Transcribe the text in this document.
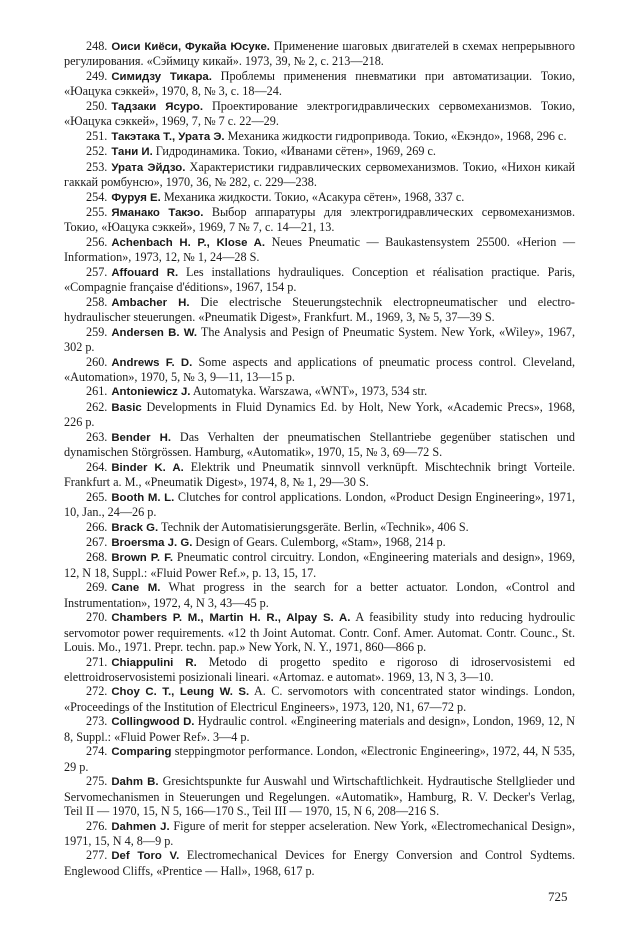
248. Оиси Киёси, Фукайа Юсуке. Применение шаговых двигателей в схемах непрерывного регулирования. «Сэймицу кикай». 1973, 39, № 2, с. 213—218.
249. Симидзу Тикара. Проблемы применения пневматики при автоматизации. Токио, «Юацука сэккей», 1970, 8, № 3, с. 18—24.
250. Тадзаки Ясуро. Проектирование электрогидравлических сервомеханизмов. Токио, «Юацука сэккей», 1969, 7, № 7 с. 22—29.
251. Такэтака Т., Урата Э. Механика жидкости гидропривода. Токио, «Екэндо», 1968, 296 с.
252. Тани И. Гидродинамика. Токио, «Иванами сётен», 1969, 269 с.
253. Урата Эйдзо. Характеристики гидравлических сервомеханизмов. Токио, «Нихон кикай гаккай ромбунсю», 1970, 36, № 282, с. 229—238.
254. Фуруя Е. Механика жидкости. Токио, «Асакура сётен», 1968, 337 с.
255. Яманако Такэо. Выбор аппаратуры для электрогидравлических сервомеханизмов. Токио, «Юацука сэккей», 1969, 7 № 7, с. 14—21, 13.
256. Achenbach H. P., Klose A. Neues Pneumatic — Baukastensystem 25500. «Herion — Information», 1973, 12, № 1, 24—28 S.
257. Affouard R. Les installations hydrauliques. Conception et réalisation practique. Paris, «Compagnie française d'éditions», 1967, 154 p.
258. Ambacher H. Die electrische Steuerungstechnik electropneumatischer und electro-hydraulischer steuerungen. «Pneumatik Digest», Frankfurt. M., 1969, 3, № 5, 37—39 S.
259. Andersen B. W. The Analysis and Pesign of Pneumatic System. New York, «Wiley», 1967, 302 p.
260. Andrews F. D. Some aspects and applications of pneumatic process control. Cleveland, «Automation», 1970, 5, № 3, 9—11, 13—15 p.
261. Antoniewicz J. Automatyka. Warszawa, «WNT», 1973, 534 str.
262. Basic Developments in Fluid Dynamics Ed. by Holt, New York, «Academic Precs», 1968, 226 p.
263. Bender H. Das Verhalten der pneumatischen Stellantriebe gegenüber statischen und dynamischen Störgrössen. Hamburg, «Automatik», 1970, 15, № 3, 69—72 S.
264. Binder K. A. Elektrik und Pneumatik sinnvoll verknüpft. Mischtechnik bringt Vorteile. Frankfurt a. M., «Pneumatik Digest», 1974, 8, № 1, 29—30 S.
265. Booth M. L. Clutches for control applications. London, «Product Design Engineering», 1971, 10, Jan., 24—26 p.
266. Brack G. Technik der Automatisierungsgeräte. Berlin, «Technik», 406 S.
267. Broersma J. G. Design of Gears. Culemborg, «Stam», 1968, 214 p.
268. Brown P. F. Pneumatic control circuitry. London, «Engineering materials and design», 1969, 12, N 18, Suppl.: «Fluid Power Ref.», p. 13, 15, 17.
269. Cane M. What progress in the search for a better actuator. London, «Control and Instrumentation», 1972, 4, N 3, 43—45 p.
270. Chambers P. M., Martin H. R., Alpay S. A. A feasibility study into reducing hydroulic servomotor power requirements. «12 th Joint Automat. Contr. Conf. Amer. Automat. Contr. Counc., St. Louis. Mo., 1971. Prepr. techn. pap.» New York, N. Y., 1971, 860—866 p.
271. Chiappulini R. Metodo di progetto spedito e rigoroso di idroservosistemi ed elettroidroservosistemi posizionali lineari. «Artomaz. e automat». 1969, 13, N 3, 3—10.
272. Choy C. T., Leung W. S. A. C. servomotors with concentrated stator windings. London, «Proceedings of the Institution of Electricul Engineers», 1973, 120, N1, 67—72 p.
273. Collingwood D. Hydraulic control. «Engineering materials and design», London, 1969, 12, N 8, Suppl.: «Fluid Power Ref». 3—4 p.
274. Comparing steppingmotor performance. London, «Electronic Engineering», 1972, 44, N 535, 29 p.
275. Dahm B. Gresichtspunkte fur Auswahl und Wirtschaftlichkeit. Hydrautische Stellglieder und Servomechanismen in Steuerungen und Regelungen. «Automatik», Hamburg, R. V. Decker's Verlag, Teil II — 1970, 15, N 5, 166—170 S., Teil III — 1970, 15, N 6, 208—216 S.
276. Dahmen J. Figure of merit for stepper acseleration. New York, «Electromechanical Design», 1971, 15, N 4, 8—9 p.
277. Def Toro V. Electromechanical Devices for Energy Conversion and Control Sydtems. Englewood Cliffs, «Prentice — Hall», 1968, 617 p.
725
